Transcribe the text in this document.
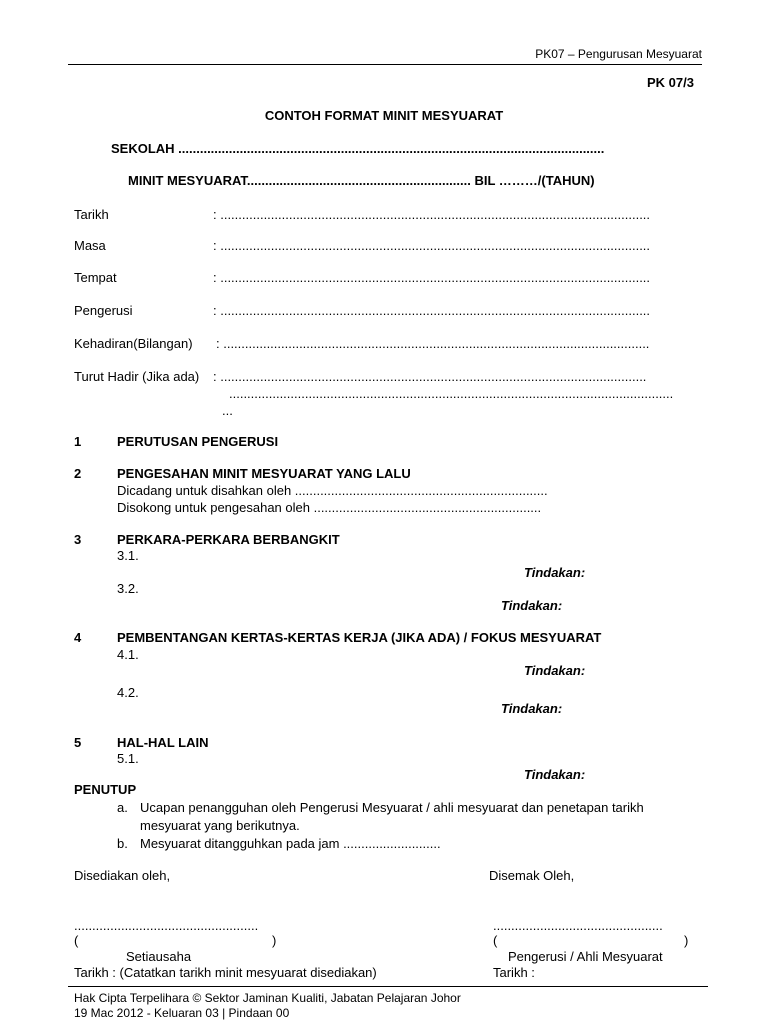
PK07 – Pengurusan Mesyuarat
PK 07/3
CONTOH FORMAT MINIT MESYUARAT
SEKOLAH ......................................................................................................................
MINIT MESYUARAT.............................................................. BIL ………/(TAHUN)
Tarikh	: .......................................................................................................................
Masa	: .......................................................................................................................
Tempat	: .......................................................................................................................
Pengerusi	: .......................................................................................................................
Kehadiran(Bilangan) : ......................................................................................................................
Turut Hadir (Jika ada) : ......................................................................................................................
...........................................................................................................................
...
1	PERUTUSAN PENGERUSI
2	PENGESAHAN MINIT MESYUARAT YANG LALU
Dicadang untuk disahkan oleh ......................................................................
Disokong untuk pengesahan oleh ...............................................................
3	PERKARA-PERKARA BERBANGKIT
3.1.
Tindakan:
3.2.
Tindakan:
4	PEMBENTANGAN KERTAS-KERTAS KERJA (JIKA ADA) / FOKUS MESYUARAT
4.1.
Tindakan:
4.2.
Tindakan:
5	HAL-HAL LAIN
5.1.
Tindakan:
PENUTUP
a. Ucapan penangguhan oleh Pengerusi Mesyuarat / ahli mesyuarat dan penetapan tarikh
mesyuarat yang berikutnya.
b. Mesyuarat ditangguhkan pada jam ...........................
Disediakan oleh,
...................................................
(	)
Setiausaha
Tarikh : (Catatkan tarikh minit mesyuarat disediakan)
Disemak Oleh,
...............................................
(	)
Pengerusi / Ahli Mesyuarat
Tarikh :
Hak Cipta Terpelihara © Sektor Jaminan Kualiti, Jabatan Pelajaran Johor
19 Mac 2012 - Keluaran 03 | Pindaan 00
